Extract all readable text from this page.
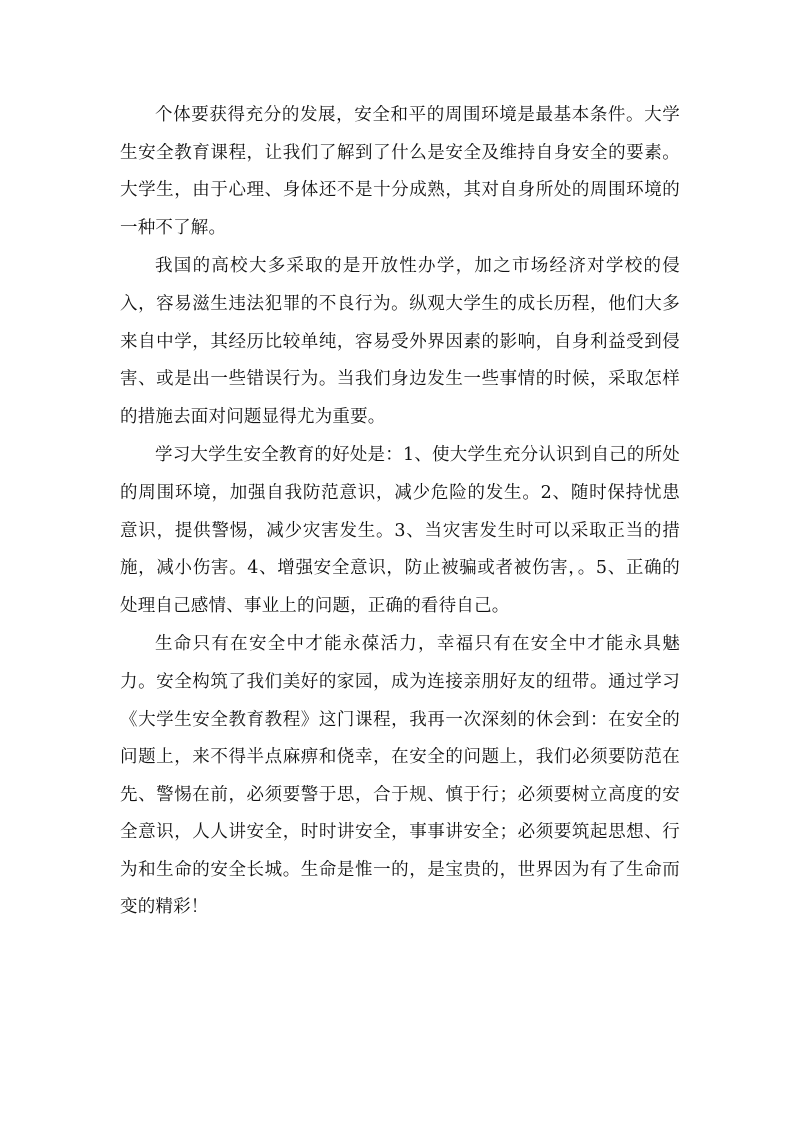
个体要获得充分的发展，安全和平的周围环境是最基本条件。大学生安全教育课程，让我们了解到了什么是安全及维持自身安全的要素。大学生，由于心理、身体还不是十分成熟，其对自身所处的周围环境的一种不了解。

我国的高校大多采取的是开放性办学，加之市场经济对学校的侵入，容易滋生违法犯罪的不良行为。纵观大学生的成长历程，他们大多来自中学，其经历比较单纯，容易受外界因素的影响，自身利益受到侵害、或是出一些错误行为。当我们身边发生一些事情的时候，采取怎样的措施去面对问题显得尤为重要。

学习大学生安全教育的好处是：1、使大学生充分认识到自己的所处的周围环境，加强自我防范意识，减少危险的发生。2、随时保持忧患意识，提供警惕，减少灾害发生。3、当灾害发生时可以采取正当的措施，减小伤害。4、增强安全意识，防止被骗或者被伤害，。5、正确的处理自己感情、事业上的问题，正确的看待自己。

生命只有在安全中才能永葆活力，幸福只有在安全中才能永具魅力。安全构筑了我们美好的家园，成为连接亲朋好友的纽带。通过学习《大学生安全教育教程》这门课程，我再一次深刻的休会到：在安全的问题上，来不得半点麻痹和侥幸，在安全的问题上，我们必须要防范在先、警惕在前，必须要警于思，合于规、慎于行；必须要树立高度的安全意识，人人讲安全，时时讲安全，事事讲安全；必须要筑起思想、行为和生命的安全长城。生命是惟一的，是宝贵的，世界因为有了生命而变的精彩！
